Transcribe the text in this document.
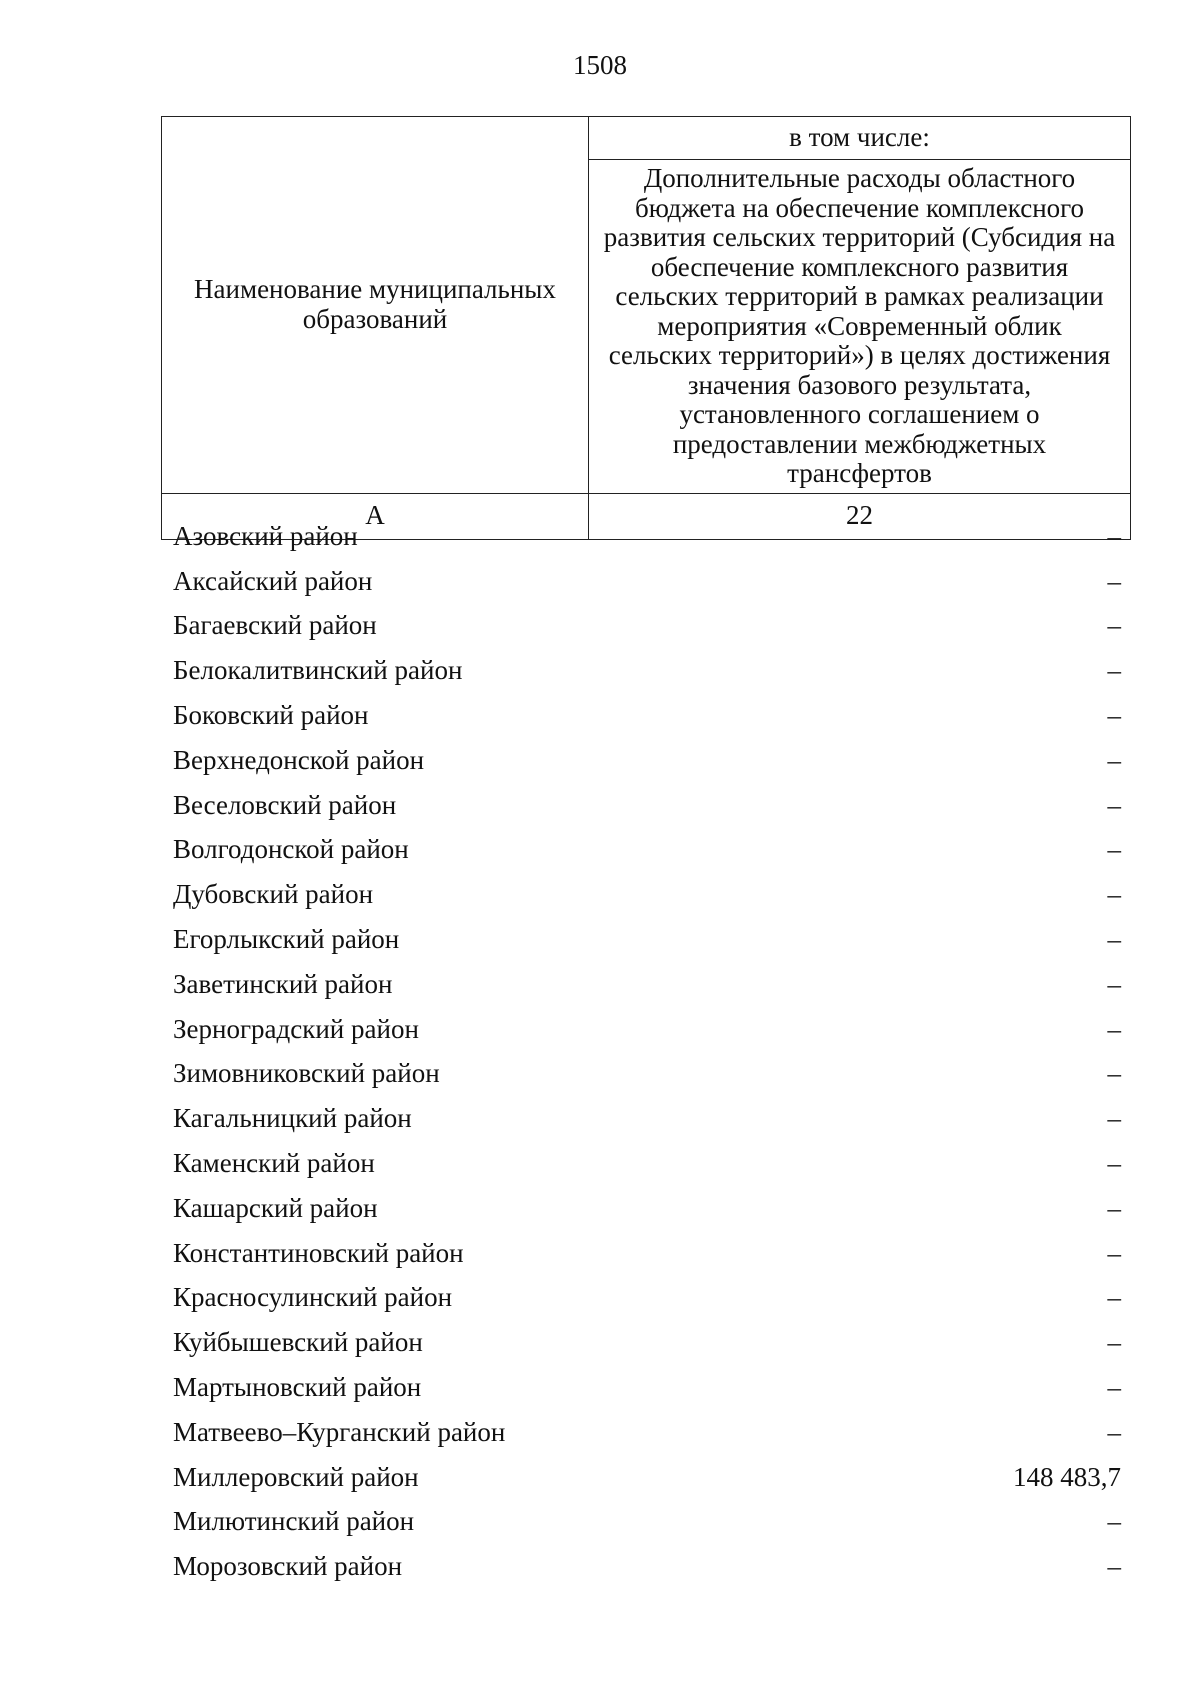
1508
Наименование муниципальных образований	в том числе:
	Дополнительные расходы областного бюджета на обеспечение комплексного развития сельских территорий (Субсидия на обеспечение комплексного развития сельских территорий в рамках реализации мероприятия «Современный облик сельских территорий») в целях достижения значения базового результата, установленного соглашением о предоставлении межбюджетных трансфертов
А	22
Азовский район	–
Аксайский район	–
Багаевский район	–
Белокалитвинский район	–
Боковский район	–
Верхнедонской район	–
Веселовский район	–
Волгодонской район	–
Дубовский район	–
Егорлыкский район	–
Заветинский район	–
Зерноградский район	–
Зимовниковский район	–
Кагальницкий район	–
Каменский район	–
Кашарский район	–
Константиновский район	–
Красносулинский район	–
Куйбышевский район	–
Мартыновский район	–
Матвеево–Курганский район	–
Миллеровский район	148 483,7
Милютинский район	–
Морозовский район	–
